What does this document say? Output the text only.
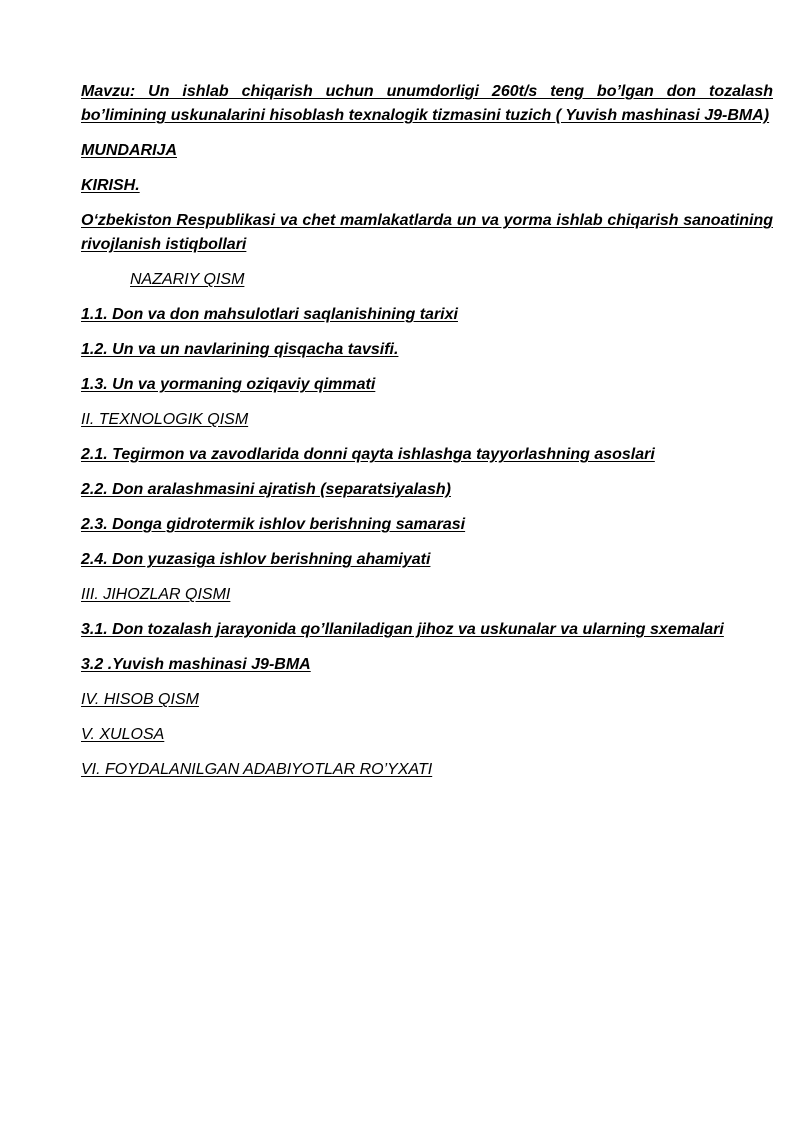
Mavzu: Un ishlab chiqarish uchun unumdorligi 260t/s teng bo’lgan don tozalash bo’limining uskunalarini hisoblash texnalogik tizmasini tuzich ( Yuvish mashinasi J9-BMA)

MUNDARIJA

KIRISH.

O‘zbekiston Respublikasi va chet mamlakatlarda un va yorma ishlab chiqarish sanoatining rivojlanish istiqbollari

NAZARIY QISM

1.1. Don va don mahsulotlari saqlanishining tarixi

1.2. Un va un navlarining qisqacha tavsifi.

1.3. Un va yormaning oziqaviy qimmati

II. TEXNOLOGIK QISM

2.1. Tegirmon va zavodlarida donni qayta ishlashga tayyorlashning asoslari

2.2. Don aralashmasini ajratish (separatsiyalash)

2.3. Donga gidrotermik ishlov berishning samarasi

2.4. Don yuzasiga ishlov berishning ahamiyati

III. JIHOZLAR QISMI

3.1. Don tozalash jarayonida qo’llaniladigan jihoz va uskunalar va ularning sxemalari

3.2 .Yuvish mashinasi J9-BMA

IV. HISOB QISM

V. XULOSA

VI. FOYDALANILGAN ADABIYOTLAR RO’YXATI
